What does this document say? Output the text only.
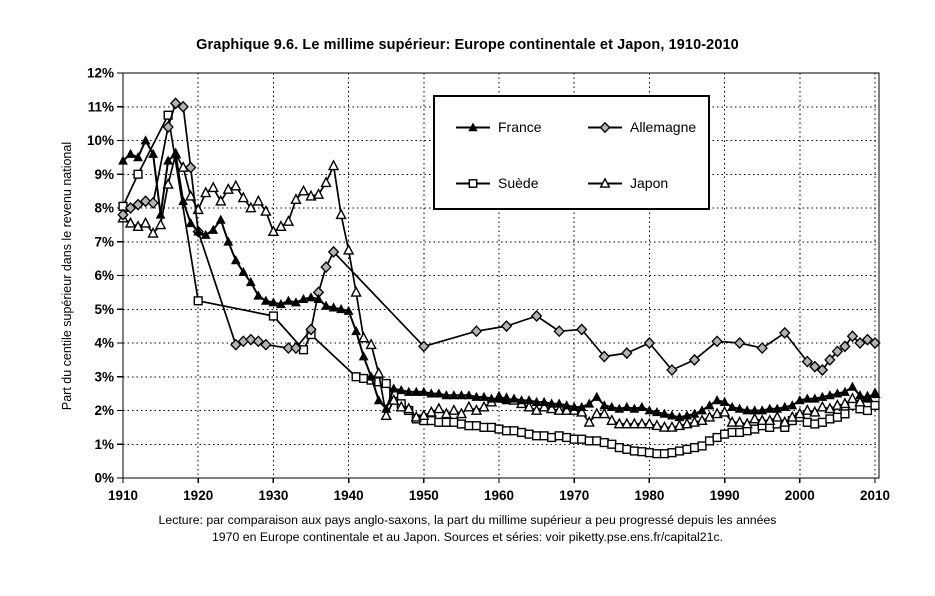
Graphique 9.6. Le millime supérieur: Europe continentale et Japon, 1910-2010
Part du centile supérieur dans le revenu national
0%
1%
2%
3%
4%
5%
6%
7%
8%
9%
10%
11%
12%
1910	1920	1930	1940	1950	1960	1970	1980	1990	2000	2010
France	Allemagne
Suède	Japon
Lecture: par comparaison aux pays anglo-saxons, la part du millime supérieur a peu progressé depuis les années
1970 en Europe continentale et au Japon. Sources et séries: voir piketty.pse.ens.fr/capital21c.
